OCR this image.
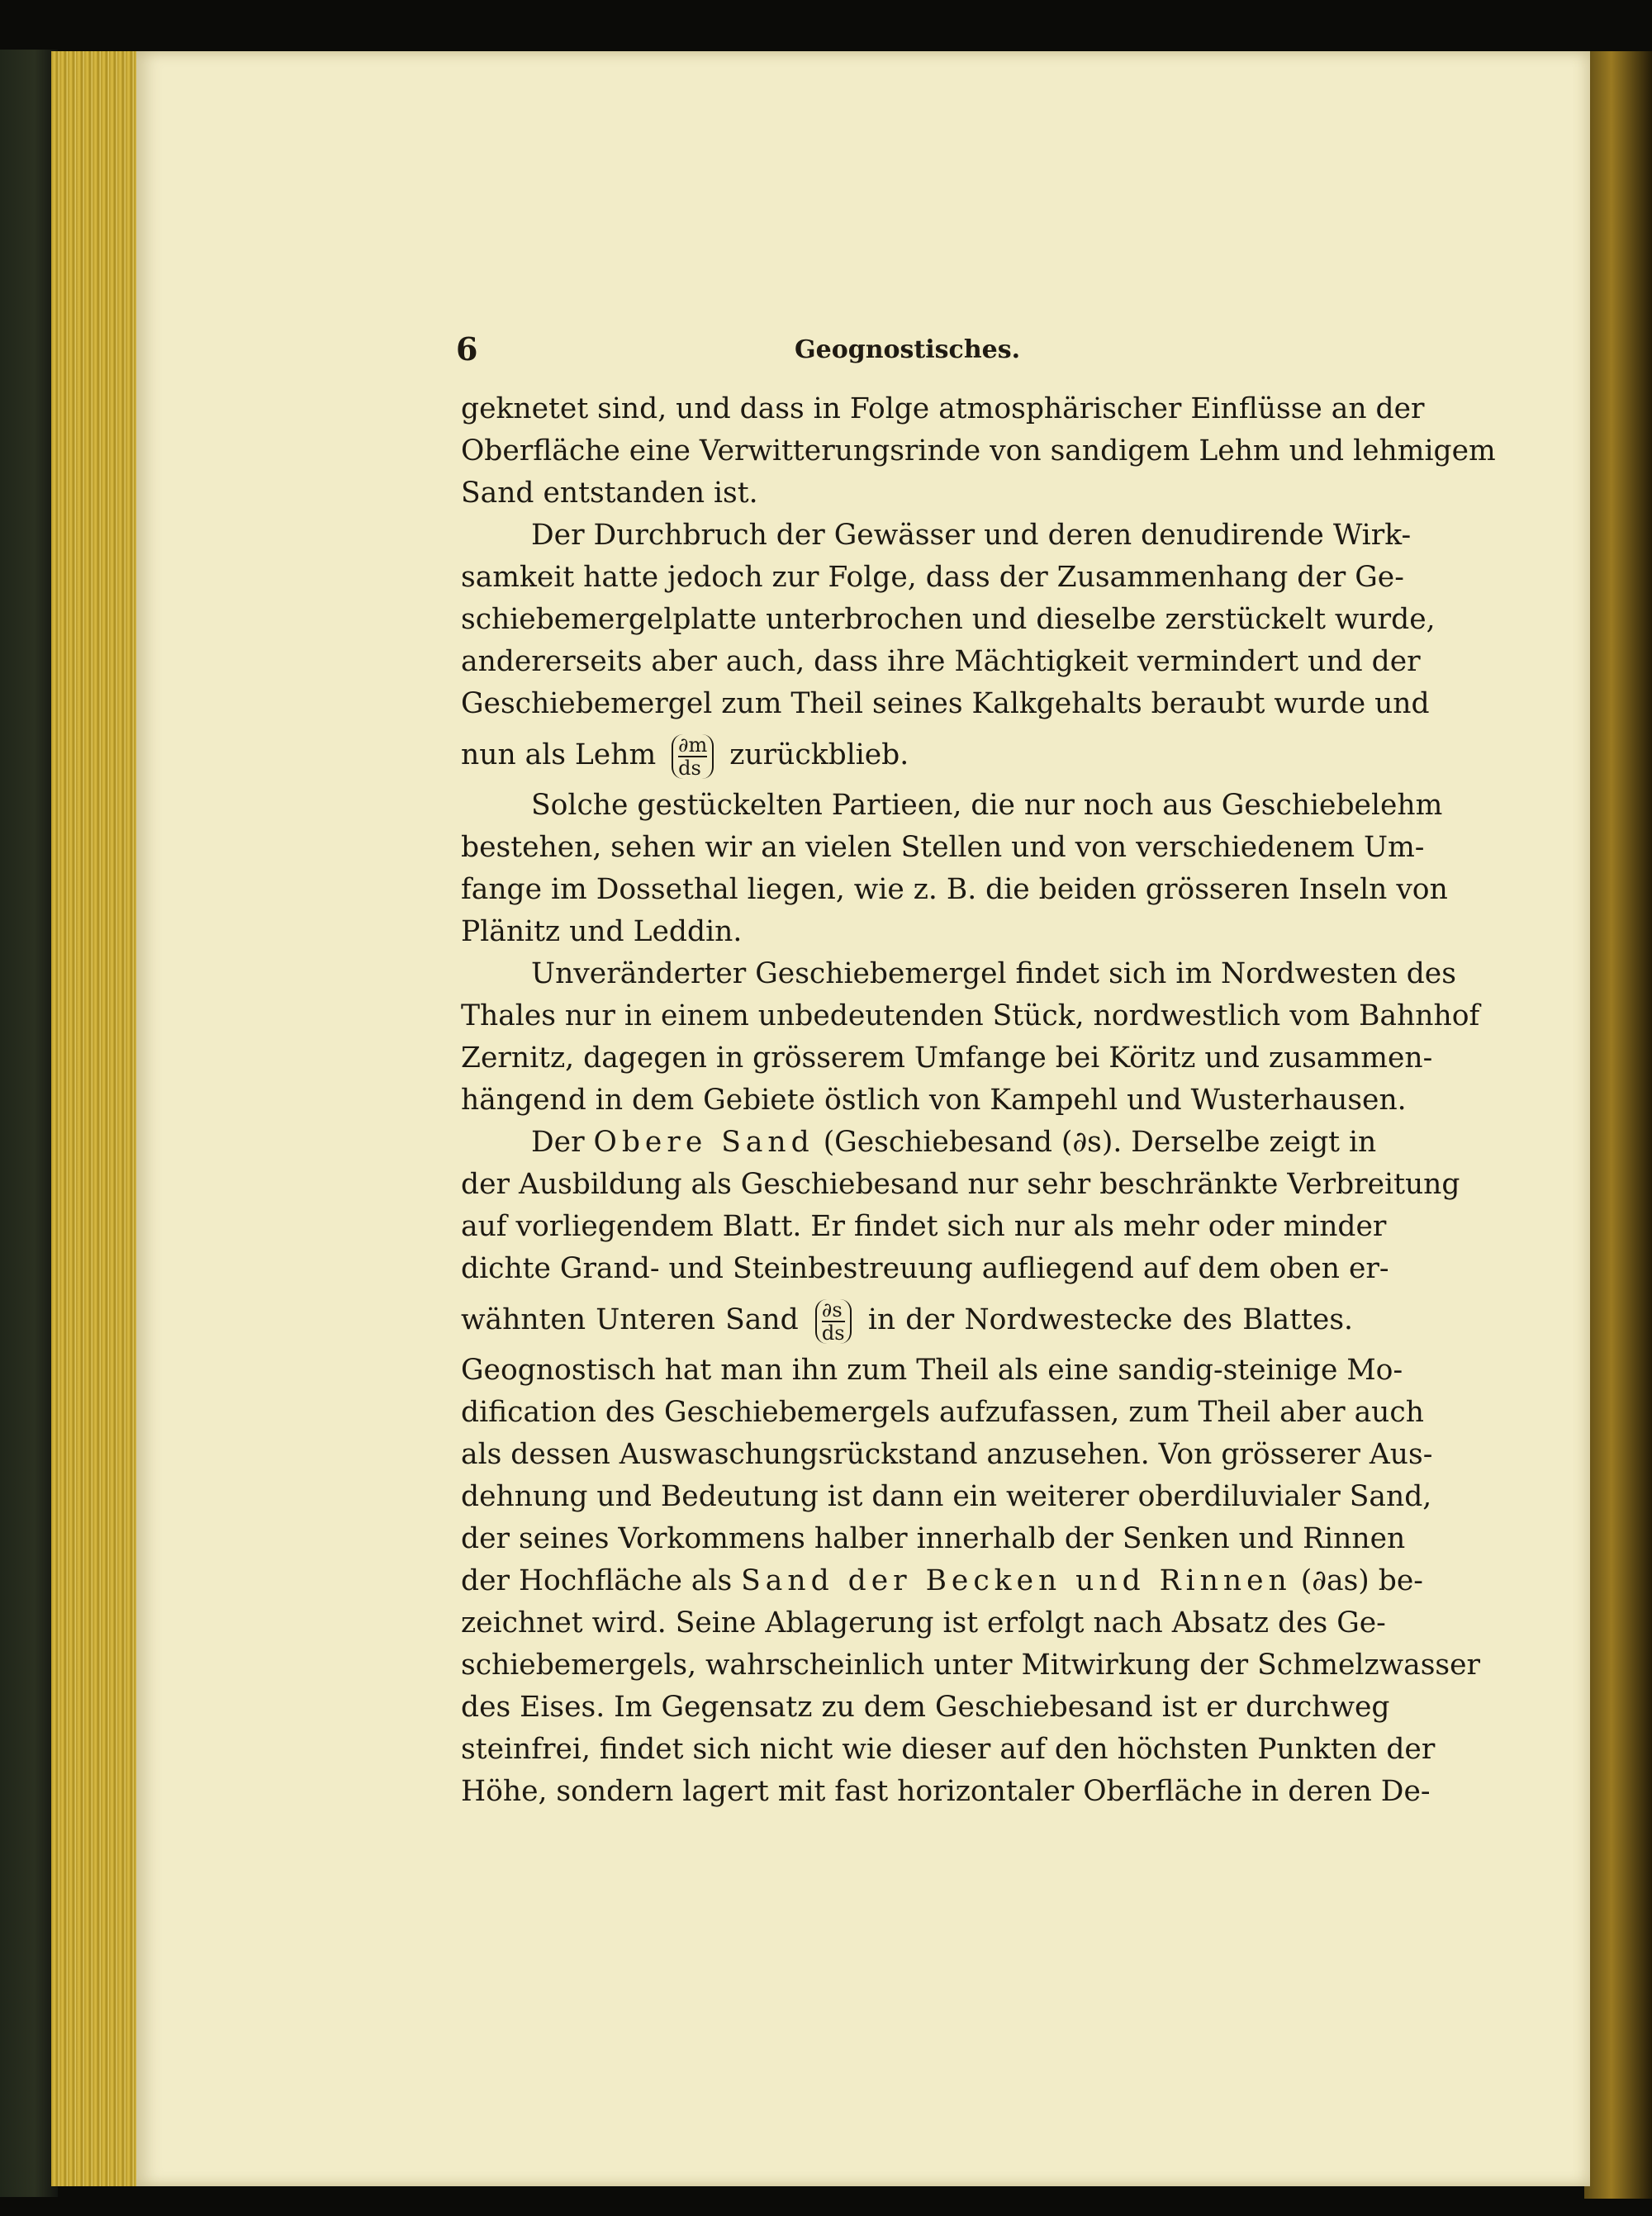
6	Geognostisches.
geknetet sind, und dass in Folge atmosphärischer Einflüsse an der
Oberfläche eine Verwitterungsrinde von sandigem Lehm und lehmigem
Sand entstanden ist.
Der Durchbruch der Gewässer und deren denudirende Wirk-
samkeit hatte jedoch zur Folge, dass der Zusammenhang der Ge-
schiebemergelplatte unterbrochen und dieselbe zerstückelt wurde,
andererseits aber auch, dass ihre Mächtigkeit vermindert und der
Geschiebemergel zum Theil seines Kalkgehalts beraubt wurde und
nun als Lehm $\frac{\partial m}{ds}$ zurückblieb.
Solche gestückelten Partieen, die nur noch aus Geschiebelehm
bestehen, sehen wir an vielen Stellen und von verschiedenem Um-
fange im Dossethal liegen, wie z. B. die beiden grösseren Inseln von
Plänitz und Leddin.
Unveränderter Geschiebemergel findet sich im Nordwesten des
Thales nur in einem unbedeutenden Stück, nordwestlich vom Bahnhof
Zernitz, dagegen in grösserem Umfange bei Köritz und zusammen-
hängend in dem Gebiete östlich von Kampehl und Wusterhausen.
Der Obere Sand (Geschiebesand (∂s). Derselbe zeigt in
der Ausbildung als Geschiebesand nur sehr beschränkte Verbreitung
auf vorliegendem Blatt. Er findet sich nur als mehr oder minder
dichte Grand- und Steinbestreuung aufliegend auf dem oben er-
wähnten Unteren Sand $\frac{\partial s}{ds}$ in der Nordwestecke des Blattes.
Geognostisch hat man ihn zum Theil als eine sandig-steinige Mo-
dification des Geschiebemergels aufzufassen, zum Theil aber auch
als dessen Auswaschungsrückstand anzusehen. Von grösserer Aus-
dehnung und Bedeutung ist dann ein weiterer oberdiluvialer Sand,
der seines Vorkommens halber innerhalb der Senken und Rinnen
der Hochfläche als Sand der Becken und Rinnen (∂as) be-
zeichnet wird. Seine Ablagerung ist erfolgt nach Absatz des Ge-
schiebemergels, wahrscheinlich unter Mitwirkung der Schmelzwasser
des Eises. Im Gegensatz zu dem Geschiebesand ist er durchweg
steinfrei, findet sich nicht wie dieser auf den höchsten Punkten der
Höhe, sondern lagert mit fast horizontaler Oberfläche in deren De-
